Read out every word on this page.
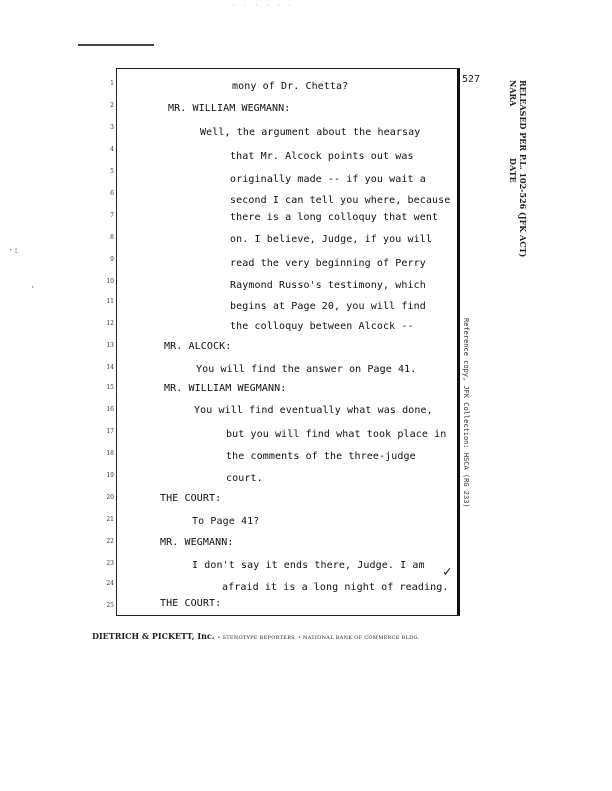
· · · · · ·
527
1	mony of Dr. Chetta?
2	MR. WILLIAM WEGMANN:
3	Well, the argument about the hearsay
4
that Mr. Alcock points out was
5
originally made -- if you wait a
6
second I can tell you where, because
7	there is a long colloquy that went
8	on. I believe, Judge, if you will
9	read the very beginning of Perry
10	Raymond Russo's testimony, which
11	begins at Page 20, you will find
12	the colloquy between Alcock --
13	MR. ALCOCK:
14	You will find the answer on Page 41.
15	MR. WILLIAM WEGMANN:
16	You will find eventually what was done,
17	but you will find what took place in
18	the comments of the three-judge
19	court.
20	THE COURT:
21	To Page 41?
22	MR. WEGMANN:
23	I don't say it ends there, Judge. I am
24	afraid it is a long night of reading.
25	THE COURT:
✓
RELEASED PER P.L. 102-526 (JFK ACT)
NARA
DATE
Reference copy, JFK Collection: HSCA (RG 233)
·:
·
DIETRICH & PICKETT, Inc. • STENOTYPE REPORTERS • NATIONAL BANK OF COMMERCE BLDG.
